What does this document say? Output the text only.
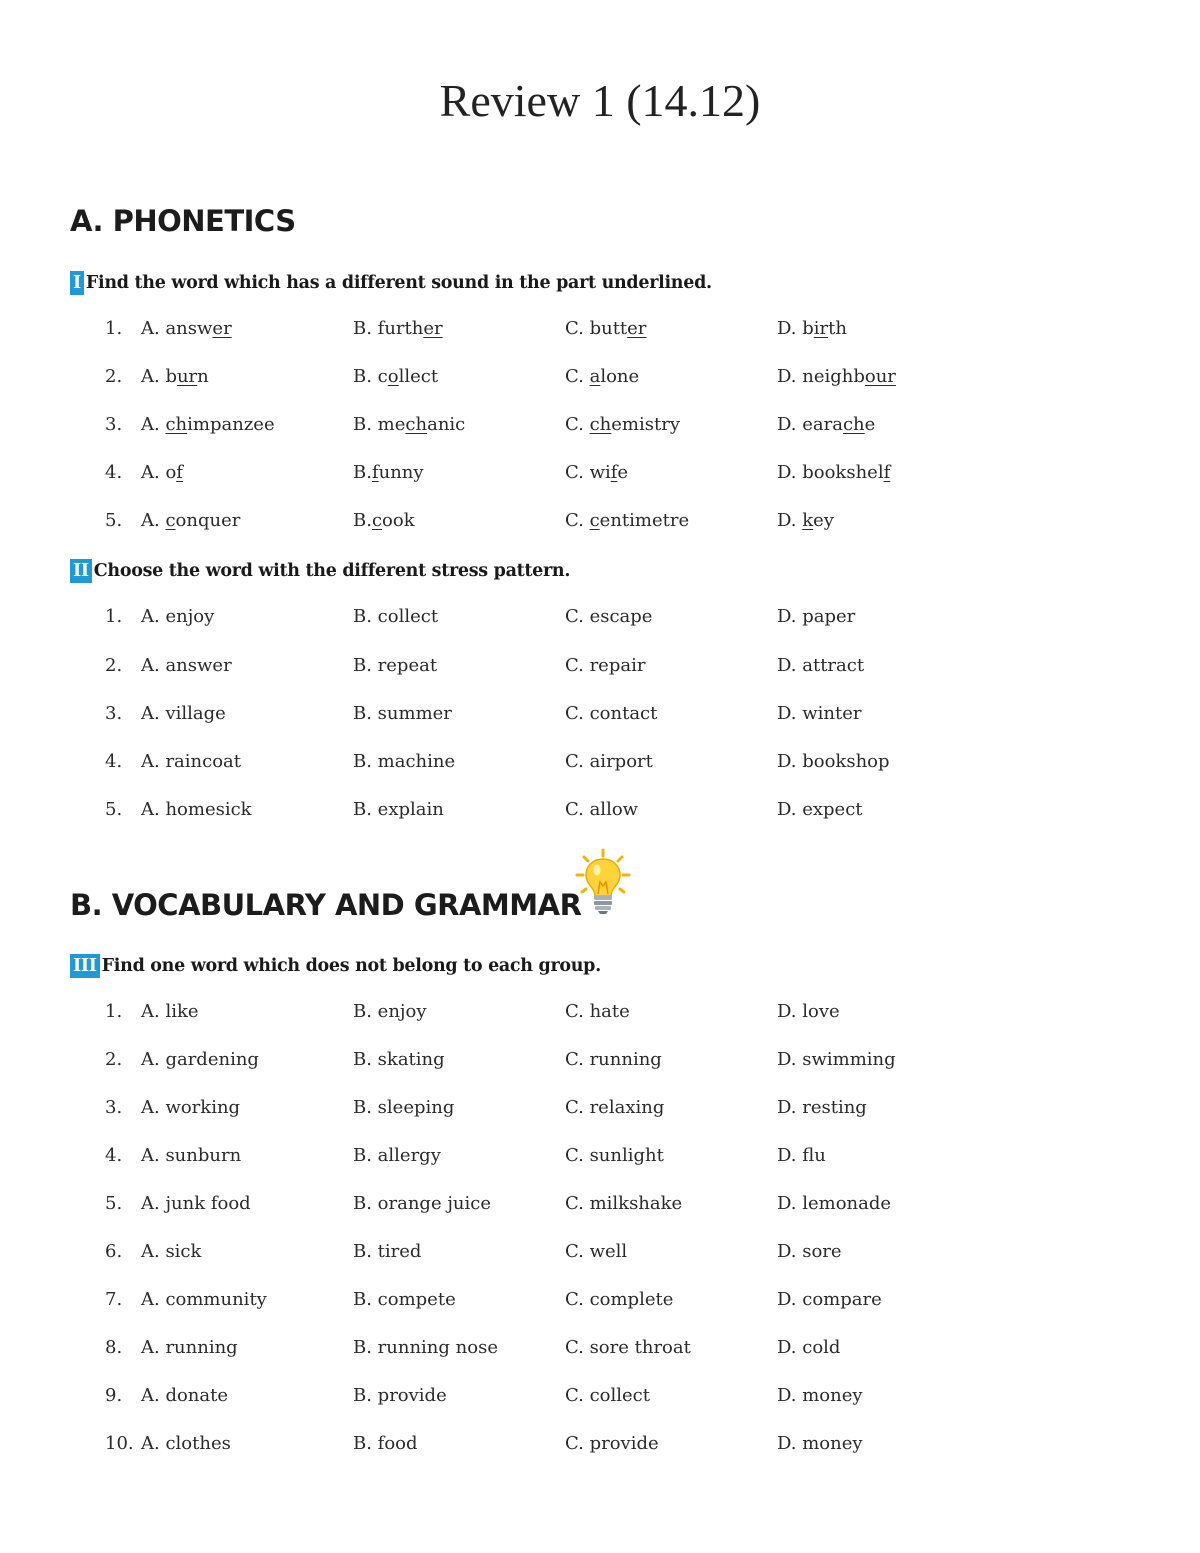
Review 1 (14.12)
A. PHONETICS
I Find the word which has a different sound in the part underlined.
1. A. answer	B. further	C. butter	D. birth
2. A. burn	B. collect	C. alone	D. neighbour
3. A. chimpanzee	B. mechanic	C. chemistry	D. earache
4. A. of	B.funny	C. wife	D. bookshelf
5. A. conquer	B.cook	C. centimetre	D. key
II Choose the word with the different stress pattern.
1. A. enjoy	B. collect	C. escape	D. paper
2. A. answer	B. repeat	C. repair	D. attract
3. A. village	B. summer	C. contact	D. winter
4. A. raincoat	B. machine	C. airport	D. bookshop
5. A. homesick	B. explain	C. allow	D. expect
B. VOCABULARY AND GRAMMAR
III Find one word which does not belong to each group.
1. A. like	B. enjoy	C. hate	D. love
2. A. gardening	B. skating	C. running	D. swimming
3. A. working	B. sleeping	C. relaxing	D. resting
4. A. sunburn	B. allergy	C. sunlight	D. flu
5. A. junk food	B. orange juice	C. milkshake	D. lemonade
6. A. sick	B. tired	C. well	D. sore
7. A. community	B. compete	C. complete	D. compare
8. A. running	B. running nose	C. sore throat	D. cold
9. A. donate	B. provide	C. collect	D. money
10. A. clothes	B. food	C. provide	D. money
